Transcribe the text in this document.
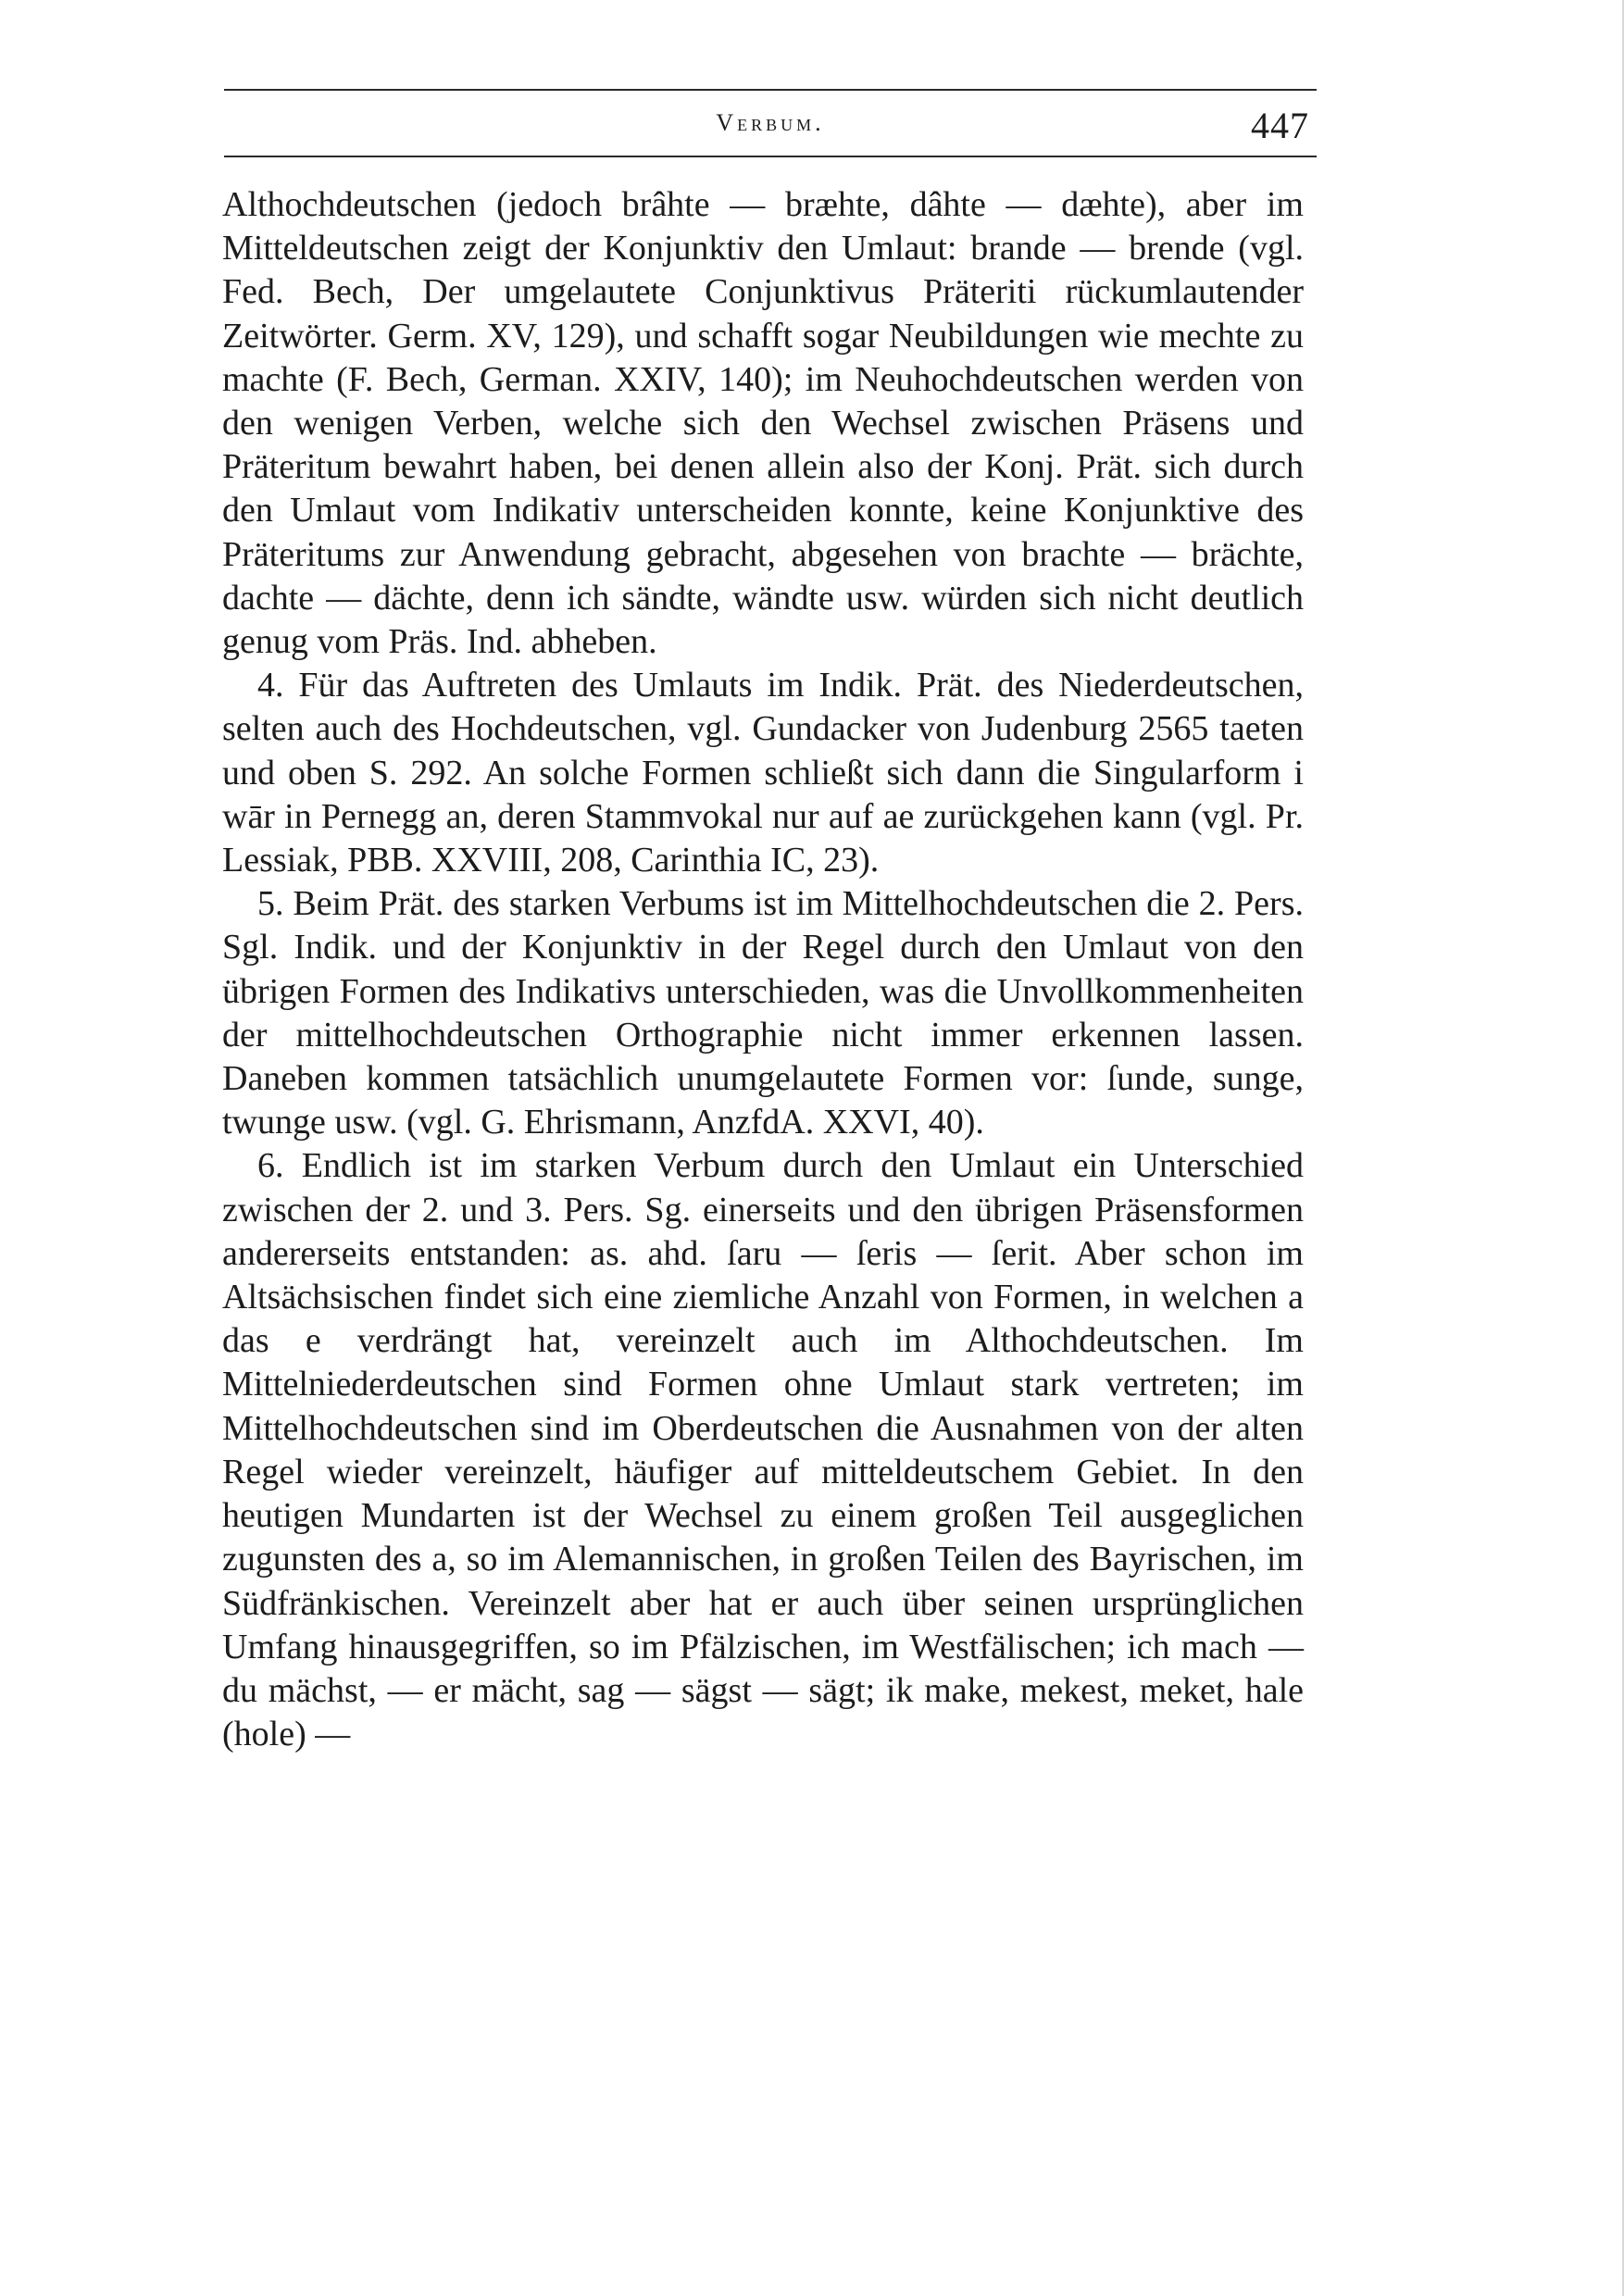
Verbum.	447

Althochdeutschen (jedoch brâhte — bræhte, dâhte — dæhte), aber im Mitteldeutschen zeigt der Konjunktiv den Umlaut: brande — brende (vgl. Fed. Bech, Der umgelautete Conjunktivus Präteriti rückumlautender Zeitwörter. Germ. XV, 129), und schafft sogar Neubildungen wie mechte zu machte (F. Bech, German. XXIV, 140); im Neuhochdeutschen werden von den wenigen Verben, welche sich den Wechsel zwischen Präsens und Präteritum bewahrt haben, bei denen allein also der Konj. Prät. sich durch den Umlaut vom Indikativ unterscheiden konnte, keine Konjunktive des Präteritums zur Anwendung gebracht, abgesehen von brachte — brächte, dachte — dächte, denn ich sändte, wändte usw. würden sich nicht deutlich genug vom Präs. Ind. abheben.

4. Für das Auftreten des Umlauts im Indik. Prät. des Niederdeutschen, selten auch des Hochdeutschen, vgl. Gundacker von Judenburg 2565 taeten und oben S. 292. An solche Formen schließt sich dann die Singularform i wār in Pernegg an, deren Stammvokal nur auf ae zurückgehen kann (vgl. Pr. Lessiak, PBB. XXVIII, 208, Carinthia IC, 23).

5. Beim Prät. des starken Verbums ist im Mittelhochdeutschen die 2. Pers. Sgl. Indik. und der Konjunktiv in der Regel durch den Umlaut von den übrigen Formen des Indikativs unterschieden, was die Unvollkommenheiten der mittelhochdeutschen Orthographie nicht immer erkennen lassen. Daneben kommen tatsächlich unumgelautete Formen vor: ſunde, sunge, twunge usw. (vgl. G. Ehrismann, AnzfdA. XXVI, 40).

6. Endlich ist im starken Verbum durch den Umlaut ein Unterschied zwischen der 2. und 3. Pers. Sg. einerseits und den übrigen Präsensformen andererseits entstanden: as. ahd. ſaru — ſeris — ſerit. Aber schon im Altsächsischen findet sich eine ziemliche Anzahl von Formen, in welchen a das e verdrängt hat, vereinzelt auch im Althochdeutschen. Im Mittelniederdeutschen sind Formen ohne Umlaut stark vertreten; im Mittelhochdeutschen sind im Oberdeutschen die Ausnahmen von der alten Regel wieder vereinzelt, häufiger auf mitteldeutschem Gebiet. In den heutigen Mundarten ist der Wechsel zu einem großen Teil ausgeglichen zugunsten des a, so im Alemannischen, in großen Teilen des Bayrischen, im Südfränkischen. Vereinzelt aber hat er auch über seinen ursprünglichen Umfang hinausgegriffen, so im Pfälzischen, im Westfälischen; ich mach — du mächst, — er mächt, sag — sägst — sägt; ik make, mekest, meket, hale (hole) —
